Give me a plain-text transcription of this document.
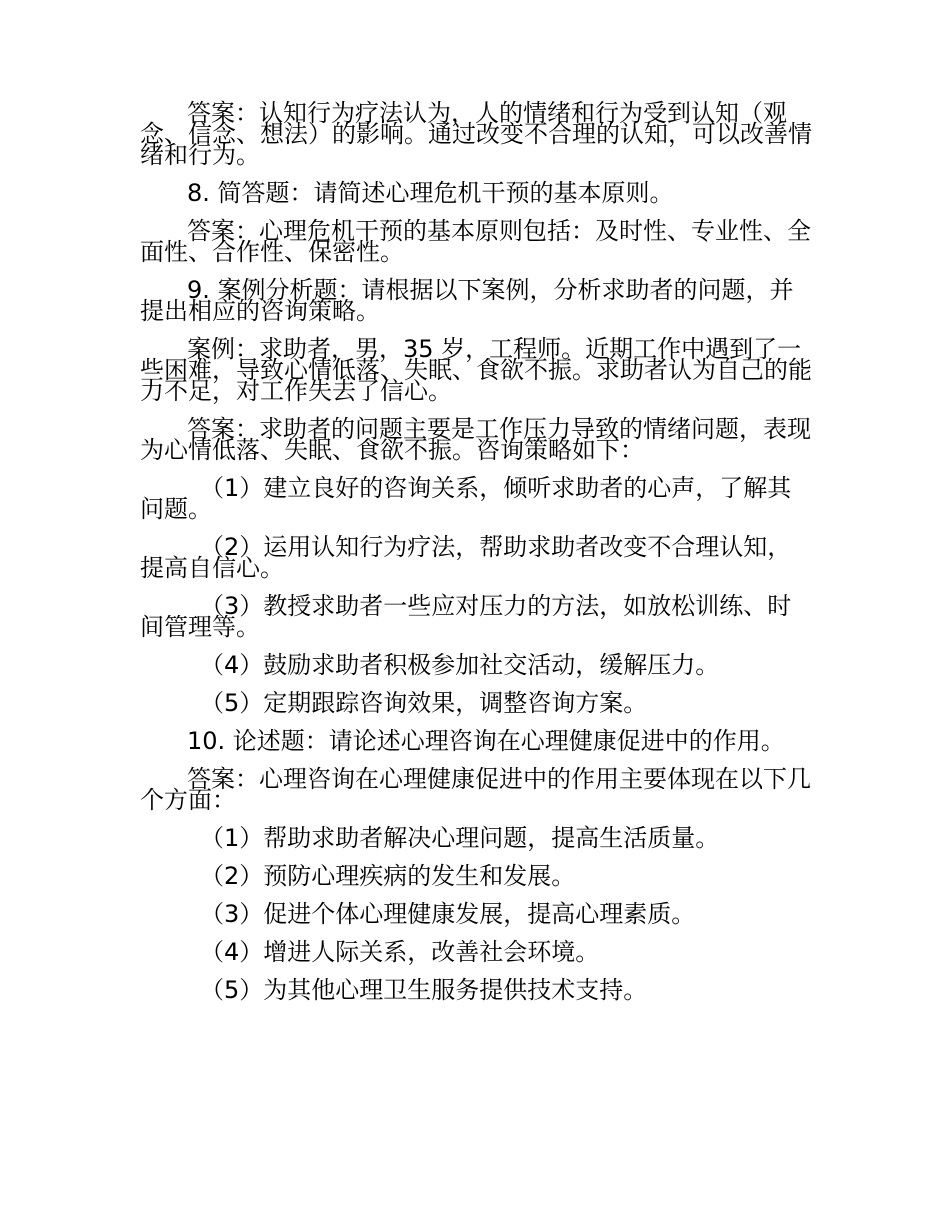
答案：认知行为疗法认为，人的情绪和行为受到认知（观念、信念、想法）的影响。通过改变不合理的认知，可以改善情绪和行为。

8. 简答题：请简述心理危机干预的基本原则。

答案：心理危机干预的基本原则包括：及时性、专业性、全面性、合作性、保密性。

9. 案例分析题：请根据以下案例，分析求助者的问题，并提出相应的咨询策略。

案例：求助者，男，35 岁，工程师。近期工作中遇到了一些困难，导致心情低落、失眠、食欲不振。求助者认为自己的能力不足，对工作失去了信心。

答案：求助者的问题主要是工作压力导致的情绪问题，表现为心情低落、失眠、食欲不振。咨询策略如下：

（1）建立良好的咨询关系，倾听求助者的心声，了解其问题。

（2）运用认知行为疗法，帮助求助者改变不合理认知，提高自信心。

（3）教授求助者一些应对压力的方法，如放松训练、时间管理等。

（4）鼓励求助者积极参加社交活动，缓解压力。

（5）定期跟踪咨询效果，调整咨询方案。

10. 论述题：请论述心理咨询在心理健康促进中的作用。

答案：心理咨询在心理健康促进中的作用主要体现在以下几个方面：

（1）帮助求助者解决心理问题，提高生活质量。

（2）预防心理疾病的发生和发展。

（3）促进个体心理健康发展，提高心理素质。

（4）增进人际关系，改善社会环境。

（5）为其他心理卫生服务提供技术支持。
